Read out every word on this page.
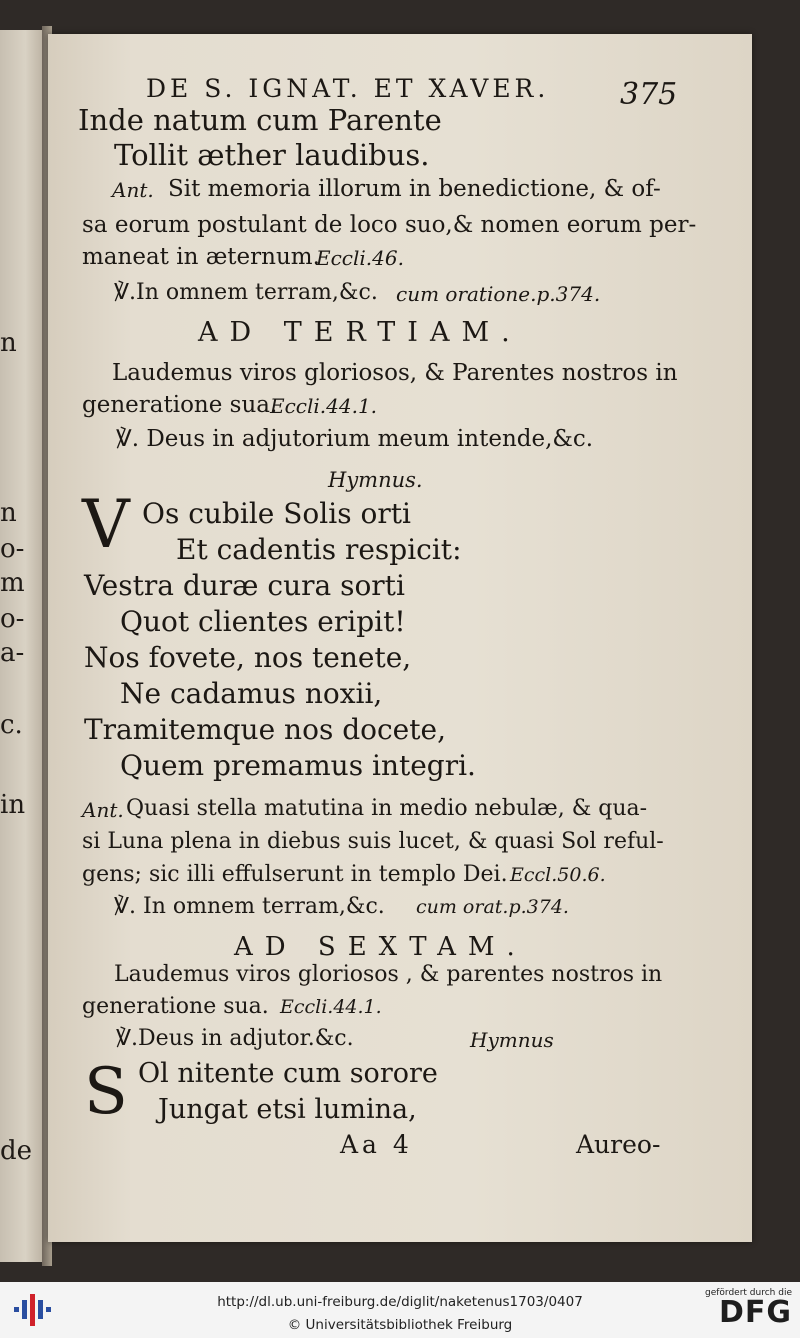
n
n
o-
m
o-
a-
c.
in
de
DE S. IGNAT. ET XAVER. 375
Inde natum cum Parente
Tollit æther laudibus.
Ant. Sit memoria illorum in benedictione, & of-
sa eorum postulant de loco suo,& nomen eorum per-
maneat in æternum.
Eccli.46.
℣.In omnem terram,&c. cum oratione.p.374.
AD TERTIAM.
Laudemus viros gloriosos, & Parentes nostros in
generatione sua.
Eccli.44.1.
℣. Deus in adjutorium meum intende,&c.
Hymnus.
V Os cubile Solis orti
Et cadentis respicit:
Vestra duræ cura sorti
Quot clientes eripit!
Nos fovete, nos tenete,
Ne cadamus noxii,
Tramitemque nos docete,
Quem premamus integri.
Ant. Quasi stella matutina in medio nebulæ, & qua-
si Luna plena in diebus suis lucet, & quasi Sol reful-
gens; sic illi effulserunt in templo Dei. Eccl.50.6.
℣. In omnem terram,&c. cum orat.p.374.
AD SEXTAM.
Laudemus viros gloriosos , & parentes nostros in
generatione sua. Eccli.44.1.
℣.Deus in adjutor.&c.	Hymnus
S Ol nitente cum sorore
Jungat etsi lumina,
Aa 4	Aureo-
http://dl.ub.uni-freiburg.de/diglit/naketenus1703/0407
© Universitätsbibliothek Freiburg
gefördert durch die
DFG
